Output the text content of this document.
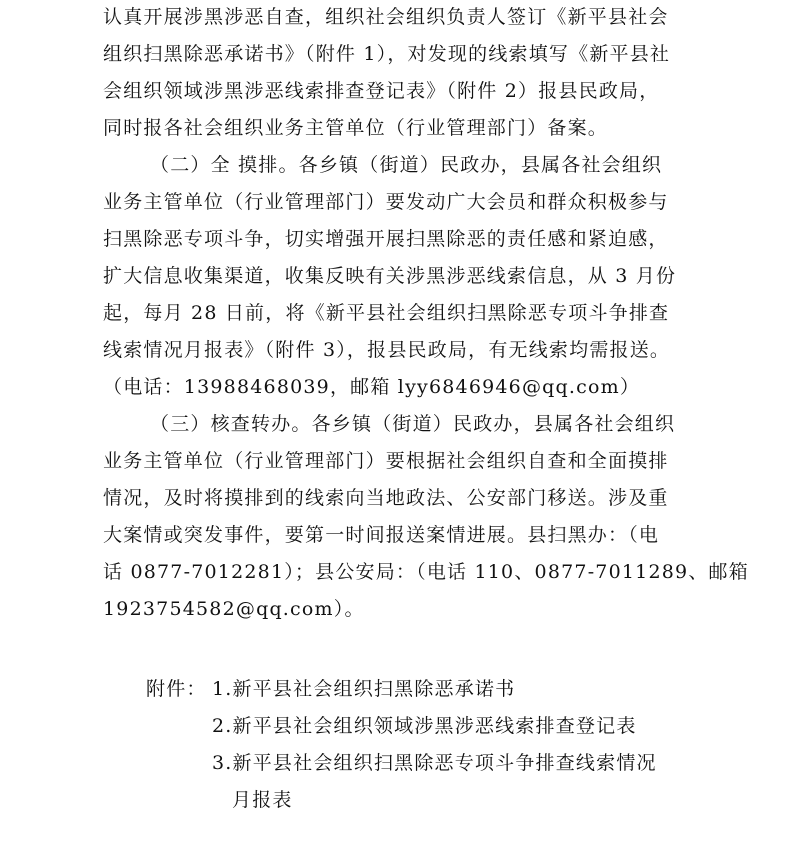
认真开展涉黑涉恶自查，组织社会组织负责人签订《新平县社会
组织扫黑除恶承诺书》（附件 1），对发现的线索填写《新平县社
会组织领域涉黑涉恶线索排查登记表》（附件 2）报县民政局，
同时报各社会组织业务主管单位（行业管理部门）备案。
（二）全 摸排。各乡镇（街道）民政办，县属各社会组织
业务主管单位（行业管理部门）要发动广大会员和群众积极参与
扫黑除恶专项斗争，切实增强开展扫黑除恶的责任感和紧迫感，
扩大信息收集渠道，收集反映有关涉黑涉恶线索信息，从 3 月份
起，每月 28 日前，将《新平县社会组织扫黑除恶专项斗争排查
线索情况月报表》（附件 3），报县民政局，有无线索均需报送。
（电话：13988468039，邮箱 lyy6846946@qq.com）
（三）核查转办。各乡镇（街道）民政办，县属各社会组织
业务主管单位（行业管理部门）要根据社会组织自查和全面摸排
情况，及时将摸排到的线索向当地政法、公安部门移送。涉及重
大案情或突发事件，要第一时间报送案情进展。县扫黑办：（电
话 0877-7012281）；县公安局：（电话 110、0877-7011289、邮箱
1923754582@qq.com）。
附件： 1.新平县社会组织扫黑除恶承诺书
2.新平县社会组织领域涉黑涉恶线索排查登记表
3.新平县社会组织扫黑除恶专项斗争排查线索情况
月报表
